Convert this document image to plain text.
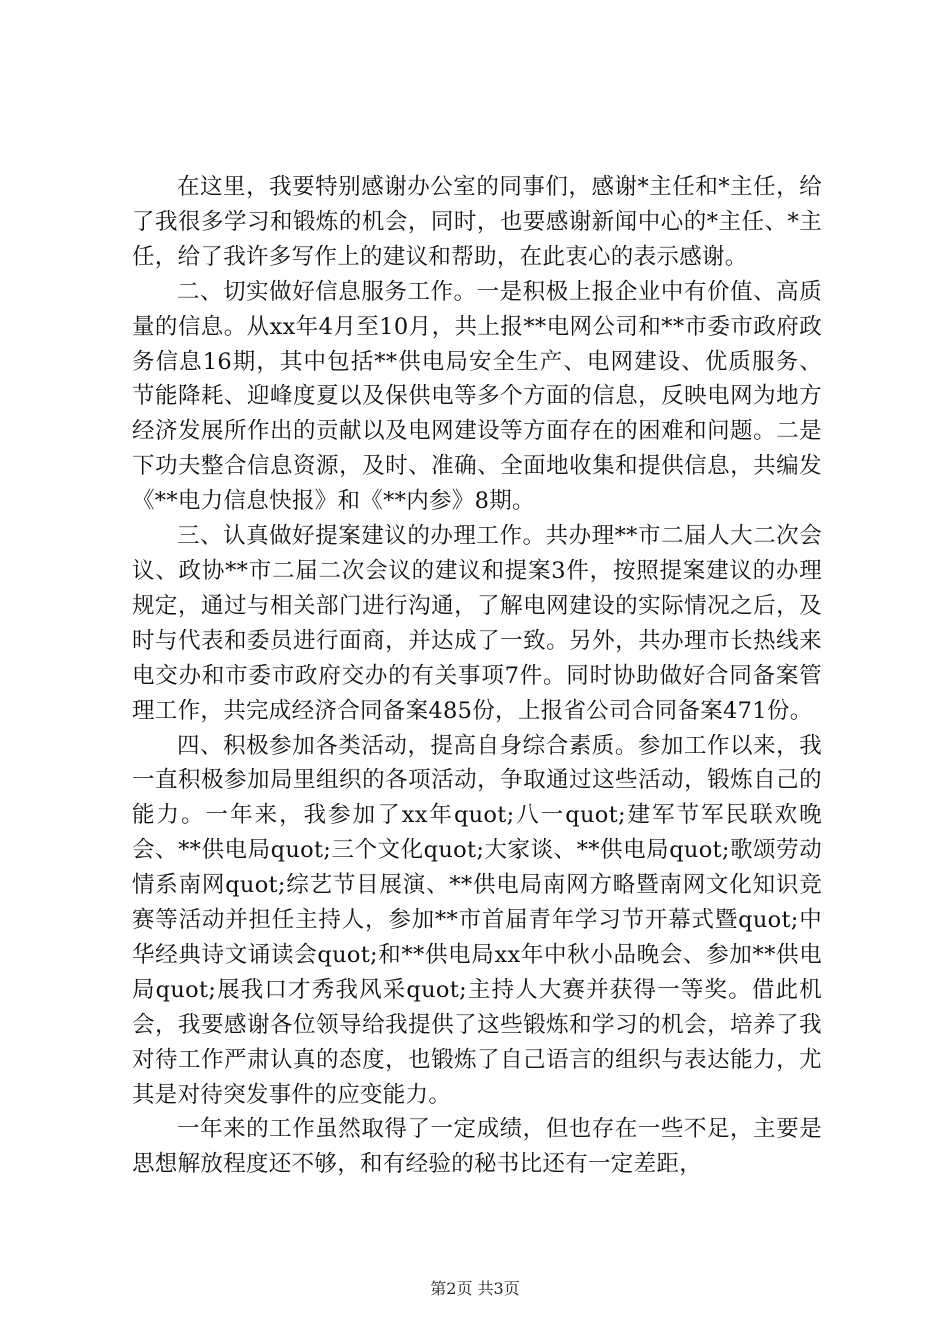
在这里，我要特别感谢办公室的同事们，感谢*主任和*主任，给了我很多学习和锻炼的机会，同时，也要感谢新闻中心的*主任、*主任，给了我许多写作上的建议和帮助，在此衷心的表示感谢。

二、切实做好信息服务工作。一是积极上报企业中有价值、高质量的信息。从xx年4月至10月，共上报**电网公司和**市委市政府政务信息16期，其中包括**供电局安全生产、电网建设、优质服务、节能降耗、迎峰度夏以及保供电等多个方面的信息，反映电网为地方经济发展所作出的贡献以及电网建设等方面存在的困难和问题。二是下功夫整合信息资源，及时、准确、全面地收集和提供信息，共编发《**电力信息快报》和《**内参》8期。

三、认真做好提案建议的办理工作。共办理**市二届人大二次会议、政协**市二届二次会议的建议和提案3件，按照提案建议的办理规定，通过与相关部门进行沟通，了解电网建设的实际情况之后，及时与代表和委员进行面商，并达成了一致。另外，共办理市长热线来电交办和市委市政府交办的有关事项7件。同时协助做好合同备案管理工作，共完成经济合同备案485份，上报省公司合同备案471份。

四、积极参加各类活动，提高自身综合素质。参加工作以来，我一直积极参加局里组织的各项活动，争取通过这些活动，锻炼自己的能力。一年来，我参加了xx年quot;八一quot;建军节军民联欢晚会、**供电局quot;三个文化quot;大家谈、**供电局quot;歌颂劳动情系南网quot;综艺节目展演、**供电局南网方略暨南网文化知识竞赛等活动并担任主持人，参加**市首届青年学习节开幕式暨quot;中华经典诗文诵读会quot;和**供电局xx年中秋小品晚会、参加**供电局quot;展我口才秀我风采quot;主持人大赛并获得一等奖。借此机会，我要感谢各位领导给我提供了这些锻炼和学习的机会，培养了我对待工作严肃认真的态度，也锻炼了自己语言的组织与表达能力，尤其是对待突发事件的应变能力。

一年来的工作虽然取得了一定成绩，但也存在一些不足，主要是思想解放程度还不够，和有经验的秘书比还有一定差距，

第2页 共3页
